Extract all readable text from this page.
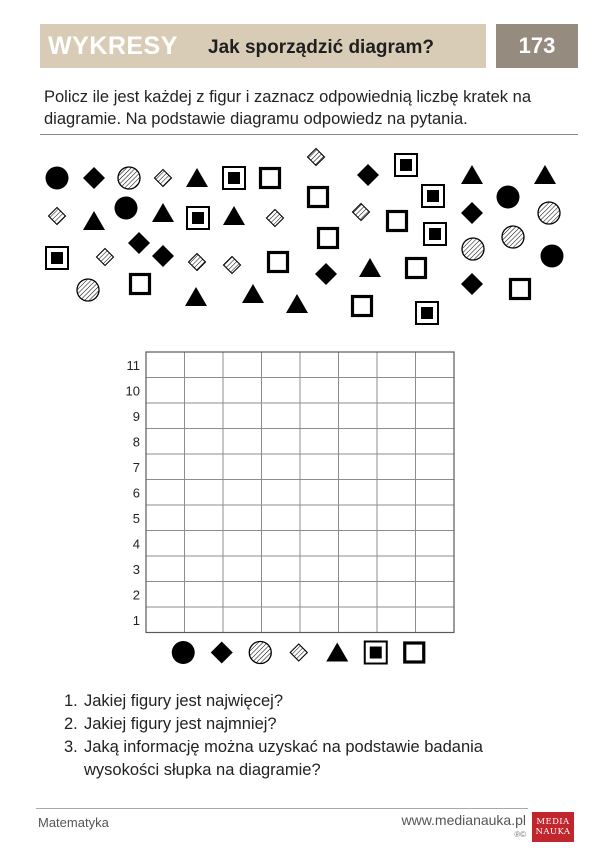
WYKRESY Jak sporządzić diagram?	173
Policz ile jest każdej z figur i zaznacz odpowiednią liczbę kratek na diagramie. Na podstawie diagramu odpowiedz na pytania.
1
2
3
4
5
6
7
8
9
10
11
1. Jakiej figury jest najwięcej?
2. Jakiej figury jest najmniej?
3. Jaką informację można uzyskać na podstawie badania wysokości słupka na diagramie?
Matematyka	www.medianauka.pl
®©
MEDIA
NAUKA
